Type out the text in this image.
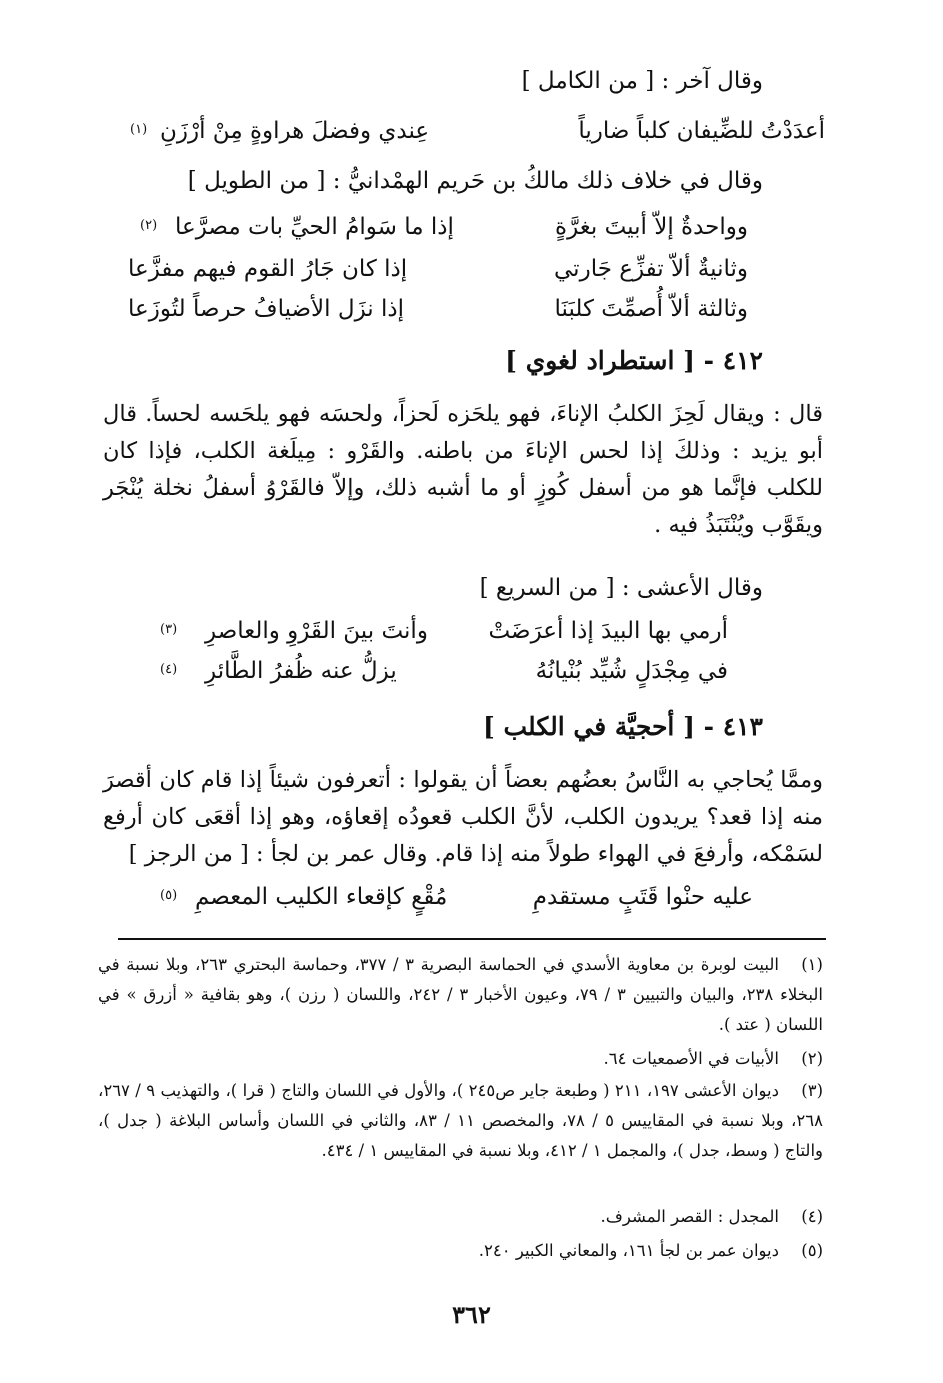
وقال آخر : [ من الكامل ]
أعدَدْتُ للضِّيفان كلباً ضارياً
عِندي وفضلَ هراوةٍ مِنْ أرْزَنِ
(١)
وقال في خلاف ذلك مالكُ بن حَريم الهمْدانيُّ : [ من الطويل ]
وواحدةٌ إلاّ أبيتَ بغرَّةٍ
إذا ما سَوامُ الحيِّ بات مصرَّعا
(٢)
وثانيةٌ ألاّ تفزِّع جَارتي
إذا كان جَارُ القوم فيهم مفزَّعا
وثالثة ألاّ أُصمِّتَ كلبَنَا
إذا نزَل الأضيافُ حرصاً لتُوزَعا
٤١٢ - [ استطراد لغوي ]
قال : ويقال لَحِزَ الكلبُ الإناءَ، فهو يلحَزه لَحزاً، ولحسَه فهو يلحَسه لحساً. قال أبو يزيد : وذلكَ إذا لحس الإناءَ من باطنه. والقَرْو : مِيلَغة الكلب، فإذا كان للكلب فإنَّما هو من أسفل كُوزٍ أو ما أشبه ذلك، وإلاّ فالقَرْوُ أسفلُ نخلة يُنْجَر ويقَوَّب ويُنْتَبَذُ فيه .
وقال الأعشى : [ من السريع ]
أرمي بها البيدَ إذا أعرَضَتْ
وأنتَ بينَ القَرْوِ والعاصرِ
(٣)
في مِجْدَلٍ شُيِّد بُنْيانُهُ
يزلُّ عنه ظُفرُ الطَّائرِ
(٤)
٤١٣ - [ أحجيَّة في الكلب ]
وممَّا يُحاجي به النَّاسُ بعضُهم بعضاً أن يقولوا : أتعرفون شيئاً إذا قام كان أقصرَ منه إذا قعد؟ يريدون الكلب، لأنَّ الكلب قعودُه إقعاؤه، وهو إذا أقعَى كان أرفع لسَمْكه، وأرفعَ في الهواء طولاً منه إذا قام. وقال عمر بن لجأ : [ من الرجز ]
عليه حنْوا قَتَبٍ مستقدمِ
مُقْعٍ كإقعاء الكليب المعصمِ
(٥)
(١)البيت لوبرة بن معاوية الأسدي في الحماسة البصرية ٣ / ٣٧٧، وحماسة البحتري ٢٦٣، وبلا نسبة في البخلاء ٢٣٨، والبيان والتبيين ٣ / ٧٩، وعيون الأخبار ٣ / ٢٤٢، واللسان ( رزن )، وهو بقافية « أزرق » في اللسان ( عتد ).
(٢)الأبيات في الأصمعيات ٦٤.
(٣)ديوان الأعشى ١٩٧، ٢١١ ( وطبعة جاير ص٢٤٥ )، والأول في اللسان والتاج ( قرا )، والتهذيب ٩ / ٢٦٧، ٢٦٨، وبلا نسبة في المقاييس ٥ / ٧٨، والمخصص ١١ / ٨٣، والثاني في اللسان وأساس البلاغة ( جدل )، والتاج ( وسط، جدل )، والمجمل ١ / ٤١٢، وبلا نسبة في المقاييس ١ / ٤٣٤.
(٤)المجدل : القصر المشرف.
(٥)ديوان عمر بن لجأ ١٦١، والمعاني الكبير ٢٤٠.
٣٦٢
